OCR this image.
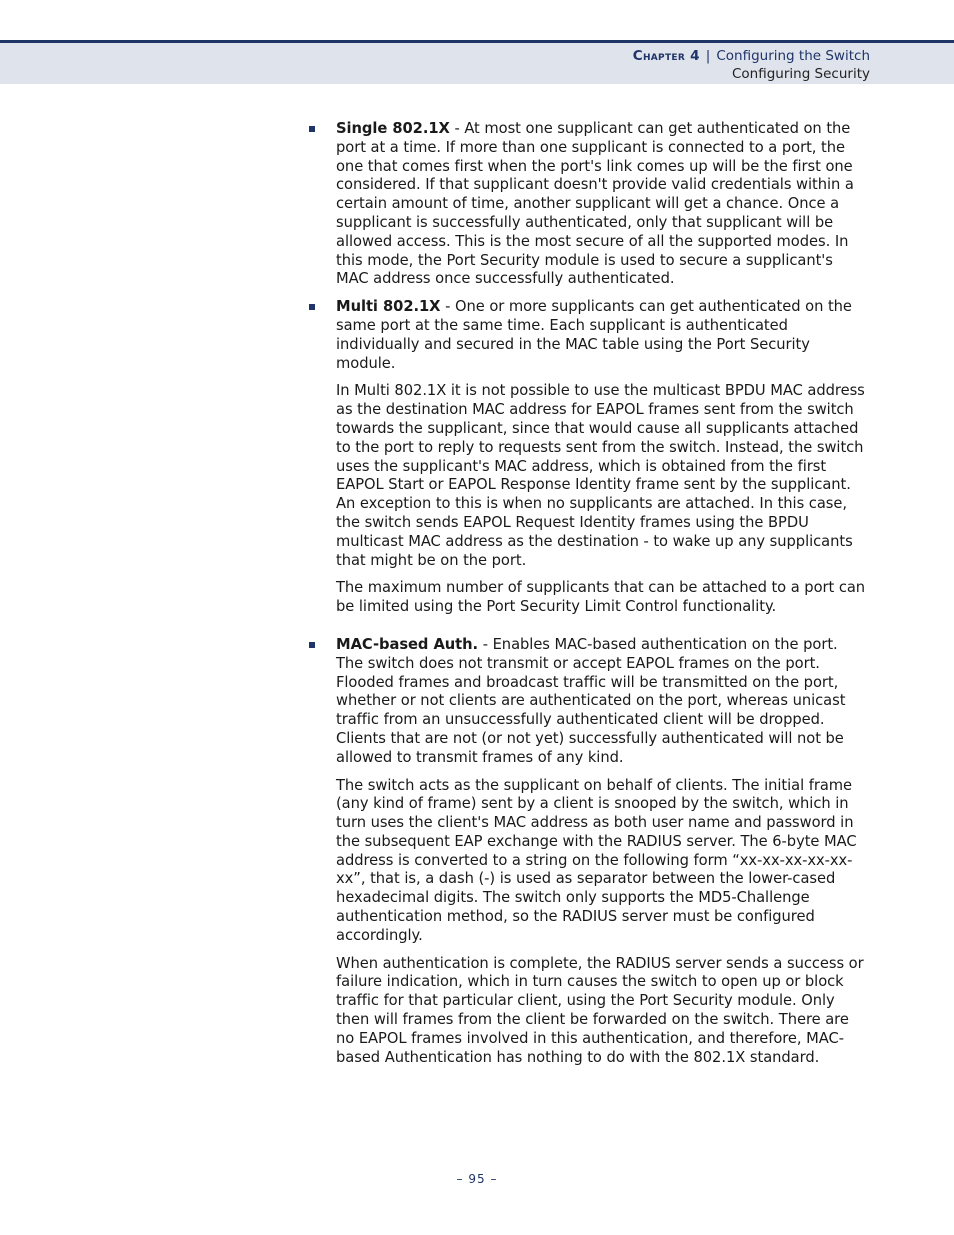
Chapter 4 | Configuring the Switch
Configuring Security

Single 802.1X - At most one supplicant can get authenticated on the port at a time. If more than one supplicant is connected to a port, the one that comes first when the port's link comes up will be the first one considered. If that supplicant doesn't provide valid credentials within a certain amount of time, another supplicant will get a chance. Once a supplicant is successfully authenticated, only that supplicant will be allowed access. This is the most secure of all the supported modes. In this mode, the Port Security module is used to secure a supplicant's MAC address once successfully authenticated.

Multi 802.1X - One or more supplicants can get authenticated on the same port at the same time. Each supplicant is authenticated individually and secured in the MAC table using the Port Security module.

In Multi 802.1X it is not possible to use the multicast BPDU MAC address as the destination MAC address for EAPOL frames sent from the switch towards the supplicant, since that would cause all supplicants attached to the port to reply to requests sent from the switch. Instead, the switch uses the supplicant's MAC address, which is obtained from the first EAPOL Start or EAPOL Response Identity frame sent by the supplicant. An exception to this is when no supplicants are attached. In this case, the switch sends EAPOL Request Identity frames using the BPDU multicast MAC address as the destination - to wake up any supplicants that might be on the port.

The maximum number of supplicants that can be attached to a port can be limited using the Port Security Limit Control functionality.

MAC-based Auth. - Enables MAC-based authentication on the port. The switch does not transmit or accept EAPOL frames on the port. Flooded frames and broadcast traffic will be transmitted on the port, whether or not clients are authenticated on the port, whereas unicast traffic from an unsuccessfully authenticated client will be dropped. Clients that are not (or not yet) successfully authenticated will not be allowed to transmit frames of any kind.

The switch acts as the supplicant on behalf of clients. The initial frame (any kind of frame) sent by a client is snooped by the switch, which in turn uses the client's MAC address as both user name and password in the subsequent EAP exchange with the RADIUS server. The 6-byte MAC address is converted to a string on the following form “xx-xx-xx-xx-xx-xx”, that is, a dash (-) is used as separator between the lower-cased hexadecimal digits. The switch only supports the MD5-Challenge authentication method, so the RADIUS server must be configured accordingly.

When authentication is complete, the RADIUS server sends a success or failure indication, which in turn causes the switch to open up or block traffic for that particular client, using the Port Security module. Only then will frames from the client be forwarded on the switch. There are no EAPOL frames involved in this authentication, and therefore, MAC-based Authentication has nothing to do with the 802.1X standard.

– 95 –
